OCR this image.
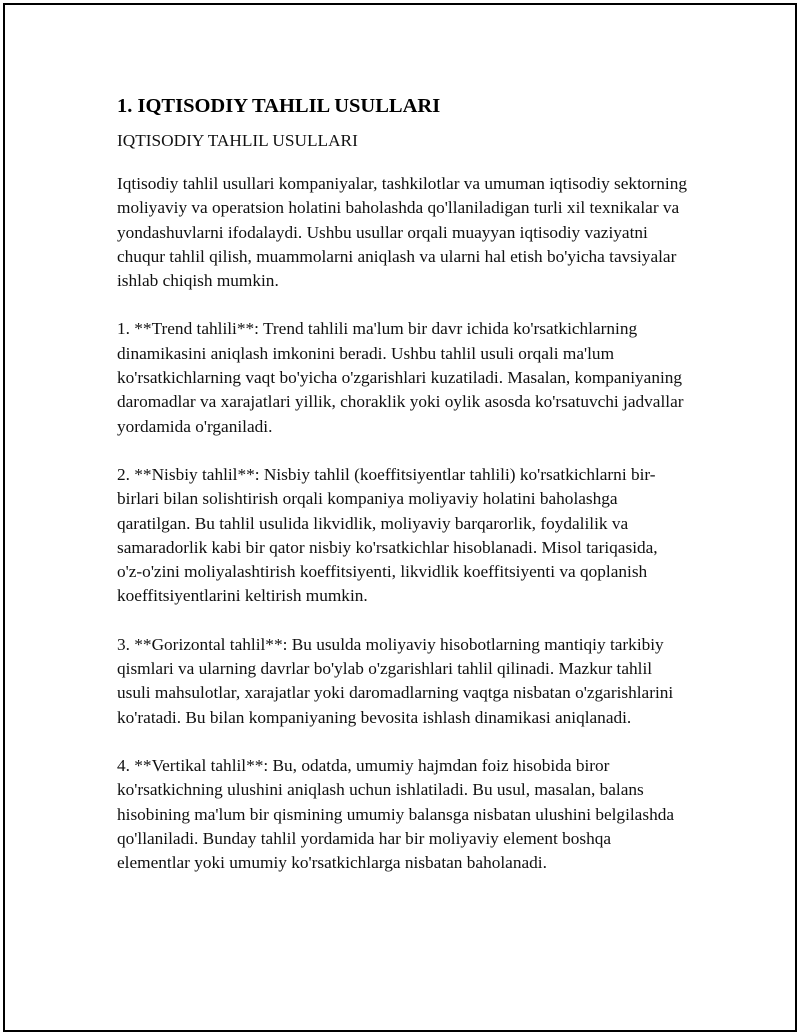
1. IQTISODIY TAHLIL USULLARI

IQTISODIY TAHLIL USULLARI

Iqtisodiy tahlil usullari kompaniyalar, tashkilotlar va umuman iqtisodiy sektorning moliyaviy va operatsion holatini baholashda qo'llaniladigan turli xil texnikalar va yondashuvlarni ifodalaydi. Ushbu usullar orqali muayyan iqtisodiy vaziyatni chuqur tahlil qilish, muammolarni aniqlash va ularni hal etish bo'yicha tavsiyalar ishlab chiqish mumkin.

1. **Trend tahlili**: Trend tahlili ma'lum bir davr ichida ko'rsatkichlarning dinamikasini aniqlash imkonini beradi. Ushbu tahlil usuli orqali ma'lum ko'rsatkichlarning vaqt bo'yicha o'zgarishlari kuzatiladi. Masalan, kompaniyaning daromadlar va xarajatlari yillik, choraklik yoki oylik asosda ko'rsatuvchi jadvallar yordamida o'rganiladi.

2. **Nisbiy tahlil**: Nisbiy tahlil (koeffitsiyentlar tahlili) ko'rsatkichlarni bir-birlari bilan solishtirish orqali kompaniya moliyaviy holatini baholashga qaratilgan. Bu tahlil usulida likvidlik, moliyaviy barqarorlik, foydalilik va samaradorlik kabi bir qator nisbiy ko'rsatkichlar hisoblanadi. Misol tariqasida, o'z-o'zini moliyalashtirish koeffitsiyenti, likvidlik koeffitsiyenti va qoplanish koeffitsiyentlarini keltirish mumkin.

3. **Gorizontal tahlil**: Bu usulda moliyaviy hisobotlarning mantiqiy tarkibiy qismlari va ularning davrlar bo'ylab o'zgarishlari tahlil qilinadi. Mazkur tahlil usuli mahsulotlar, xarajatlar yoki daromadlarning vaqtga nisbatan o'zgarishlarini ko'ratadi. Bu bilan kompaniyaning bevosita ishlash dinamikasi aniqlanadi.

4. **Vertikal tahlil**: Bu, odatda, umumiy hajmdan foiz hisobida biror ko'rsatkichning ulushini aniqlash uchun ishlatiladi. Bu usul, masalan, balans hisobining ma'lum bir qismining umumiy balansga nisbatan ulushini belgilashda qo'llaniladi. Bunday tahlil yordamida har bir moliyaviy element boshqa elementlar yoki umumiy ko'rsatkichlarga nisbatan baholanadi.
